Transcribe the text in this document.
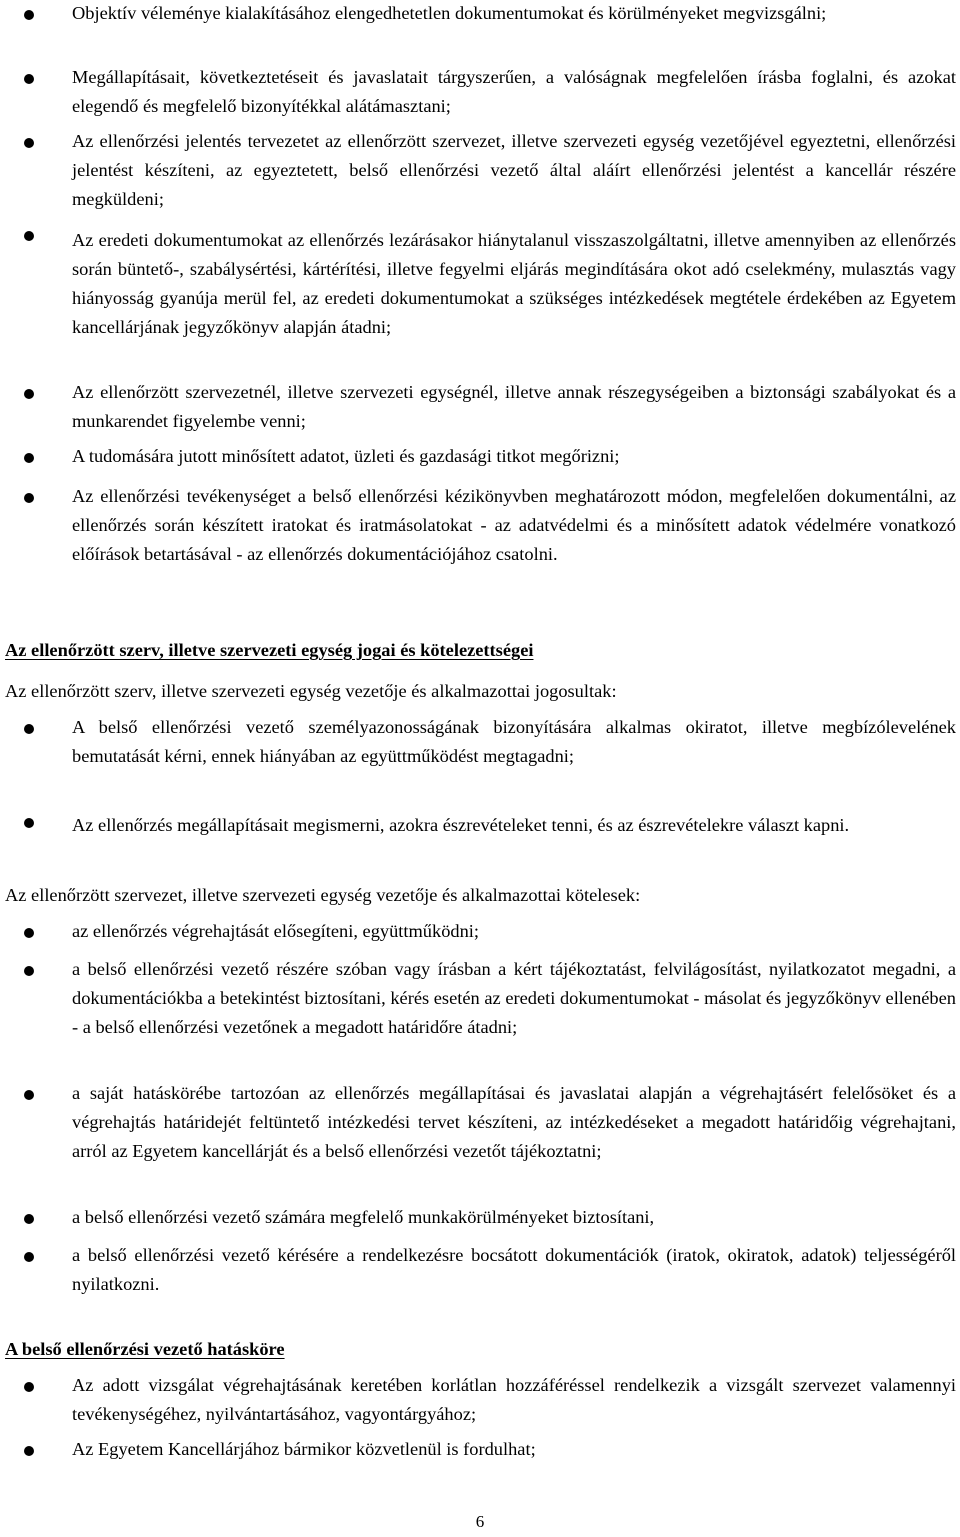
Objektív véleménye kialakításához elengedhetetlen dokumentumokat és körülményeket megvizsgálni;

Megállapításait, következtetéseit és javaslatait tárgyszerűen, a valóságnak megfelelően írásba foglalni, és azokat elegendő és megfelelő bizonyítékkal alátámasztani;

Az ellenőrzési jelentés tervezetet az ellenőrzött szervezet, illetve szervezeti egység vezetőjével egyeztetni, ellenőrzési jelentést készíteni, az egyeztetett, belső ellenőrzési vezető által aláírt ellenőrzési jelentést a kancellár részére megküldeni;

Az eredeti dokumentumokat az ellenőrzés lezárásakor hiánytalanul visszaszolgáltatni, illetve amennyiben az ellenőrzés során büntető-, szabálysértési, kártérítési, illetve fegyelmi eljárás megindítására okot adó cselekmény, mulasztás vagy hiányosság gyanúja merül fel, az eredeti dokumentumokat a szükséges intézkedések megtétele érdekében az Egyetem kancellárjának jegyzőkönyv alapján átadni;

Az ellenőrzött szervezetnél, illetve szervezeti egységnél, illetve annak részegységeiben a biztonsági szabályokat és a munkarendet figyelembe venni;

A tudomására jutott minősített adatot, üzleti és gazdasági titkot megőrizni;

Az ellenőrzési tevékenységet a belső ellenőrzési kézikönyvben meghatározott módon, megfelelően dokumentálni, az ellenőrzés során készített iratokat és iratmásolatokat - az adatvédelmi és a minősített adatok védelmére vonatkozó előírások betartásával - az ellenőrzés dokumentációjához csatolni.

Az ellenőrzött szerv, illetve szervezeti egység jogai és kötelezettségei

Az ellenőrzött szerv, illetve szervezeti egység vezetője és alkalmazottai jogosultak:

A belső ellenőrzési vezető személyazonosságának bizonyítására alkalmas okiratot, illetve megbízólevelének bemutatását kérni, ennek hiányában az együttműködést megtagadni;

Az ellenőrzés megállapításait megismerni, azokra észrevételeket tenni, és az észrevételekre választ kapni.

Az ellenőrzött szervezet, illetve szervezeti egység vezetője és alkalmazottai kötelesek:

az ellenőrzés végrehajtását elősegíteni, együttműködni;

a belső ellenőrzési vezető részére szóban vagy írásban a kért tájékoztatást, felvilágosítást, nyilatkozatot megadni, a dokumentációkba a betekintést biztosítani, kérés esetén az eredeti dokumentumokat - másolat és jegyzőkönyv ellenében - a belső ellenőrzési vezetőnek a megadott határidőre átadni;

a saját hatáskörébe tartozóan az ellenőrzés megállapításai és javaslatai alapján a végrehajtásért felelősöket és a végrehajtás határidejét feltüntető intézkedési tervet készíteni, az intézkedéseket a megadott határidőig végrehajtani, arról az Egyetem kancellárját és a belső ellenőrzési vezetőt tájékoztatni;

a belső ellenőrzési vezető számára megfelelő munkakörülményeket biztosítani,

a belső ellenőrzési vezető kérésére a rendelkezésre bocsátott dokumentációk (iratok, okiratok, adatok) teljességéről nyilatkozni.

A belső ellenőrzési vezető hatásköre

Az adott vizsgálat végrehajtásának keretében korlátlan hozzáféréssel rendelkezik a vizsgált szervezet valamennyi tevékenységéhez, nyilvántartásához, vagyontárgyához;

Az Egyetem Kancellárjához bármikor közvetlenül is fordulhat;

6
